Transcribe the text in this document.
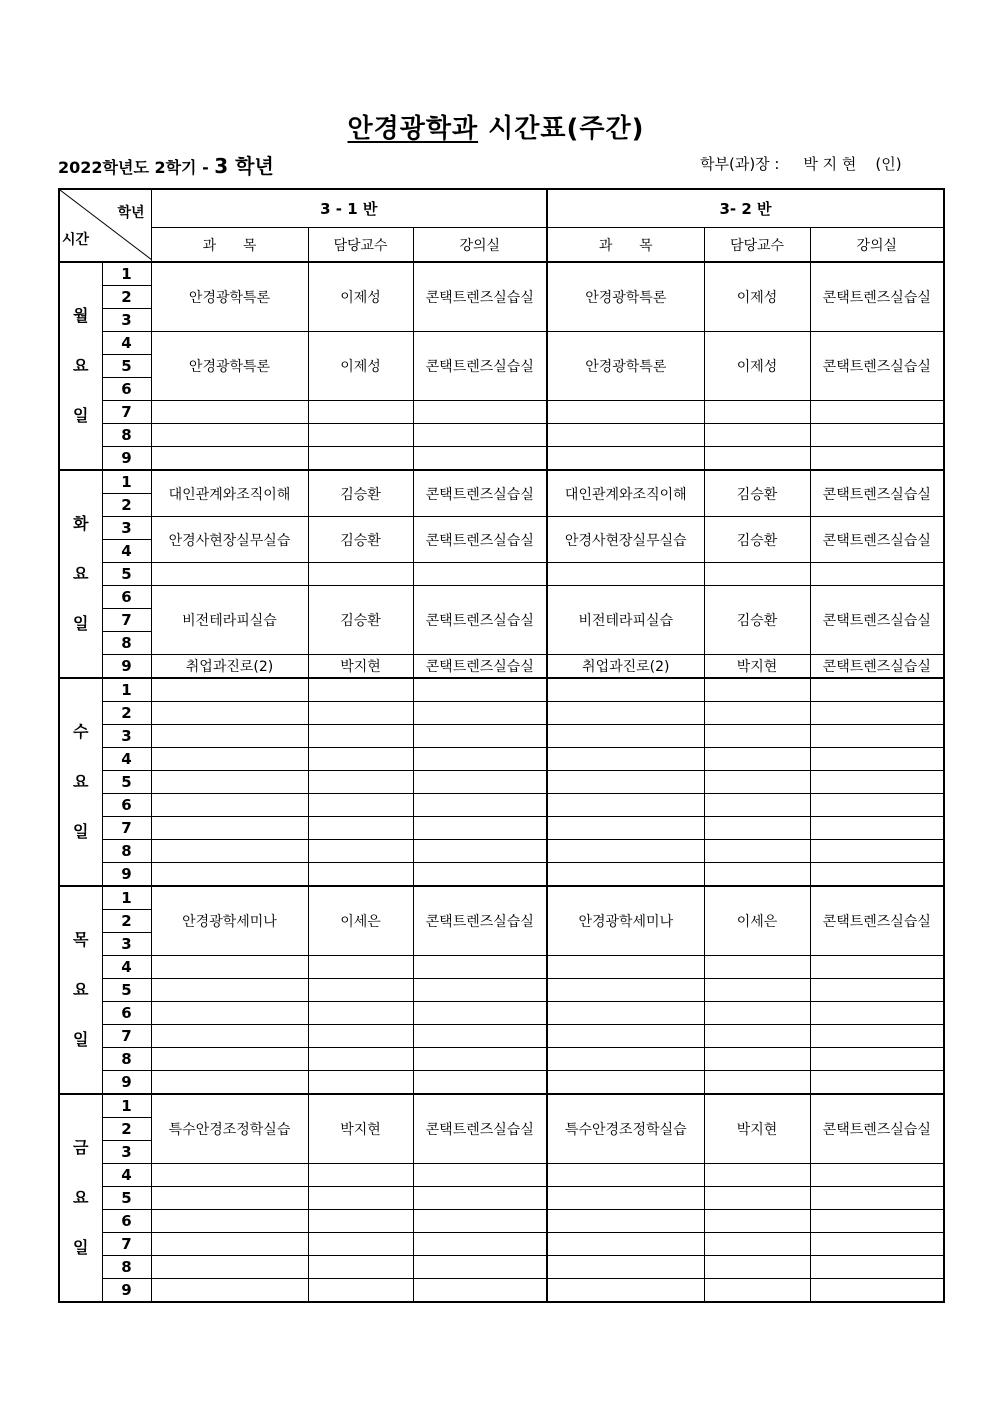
안경광학과 시간표(주간)
2022학년도 2학기 - 3 학년	학부(과)장 :     박 지 현    (인)
학년
시간		3 - 1 반			3- 2 반		
		과      목	담당교수	강의실	과      목	담당교수	강의실

월
요
일	1	안경광학특론	이제성	콘택트렌즈실습실	안경광학특론	이제성	콘택트렌즈실습실
	2						
	3						
	4	안경광학특론	이제성	콘택트렌즈실습실	안경광학특론	이제성	콘택트렌즈실습실
	5						
	6						
	7						
	8						
	9						

화
요
일	1	대인관계와조직이해	김승환	콘택트렌즈실습실	대인관계와조직이해	김승환	콘택트렌즈실습실
	2						
	3	안경사현장실무실습	김승환	콘택트렌즈실습실	안경사현장실무실습	김승환	콘택트렌즈실습실
	4						
	5						
	6	비전테라피실습	김승환	콘택트렌즈실습실	비전테라피실습	김승환	콘택트렌즈실습실
	7						
	8						
	9	취업과진로(2)	박지현	콘택트렌즈실습실	취업과진로(2)	박지현	콘택트렌즈실습실

수
요
일	1						
	2						
	3						
	4						
	5						
	6						
	7						
	8						
	9						

목
요
일	1	안경광학세미나	이세은	콘택트렌즈실습실	안경광학세미나	이세은	콘택트렌즈실습실
	2						
	3						
	4						
	5						
	6						
	7						
	8						
	9						

금
요
일	1	특수안경조정학실습	박지현	콘택트렌즈실습실	특수안경조정학실습	박지현	콘택트렌즈실습실
	2						
	3						
	4						
	5						
	6						
	7						
	8						
	9						
